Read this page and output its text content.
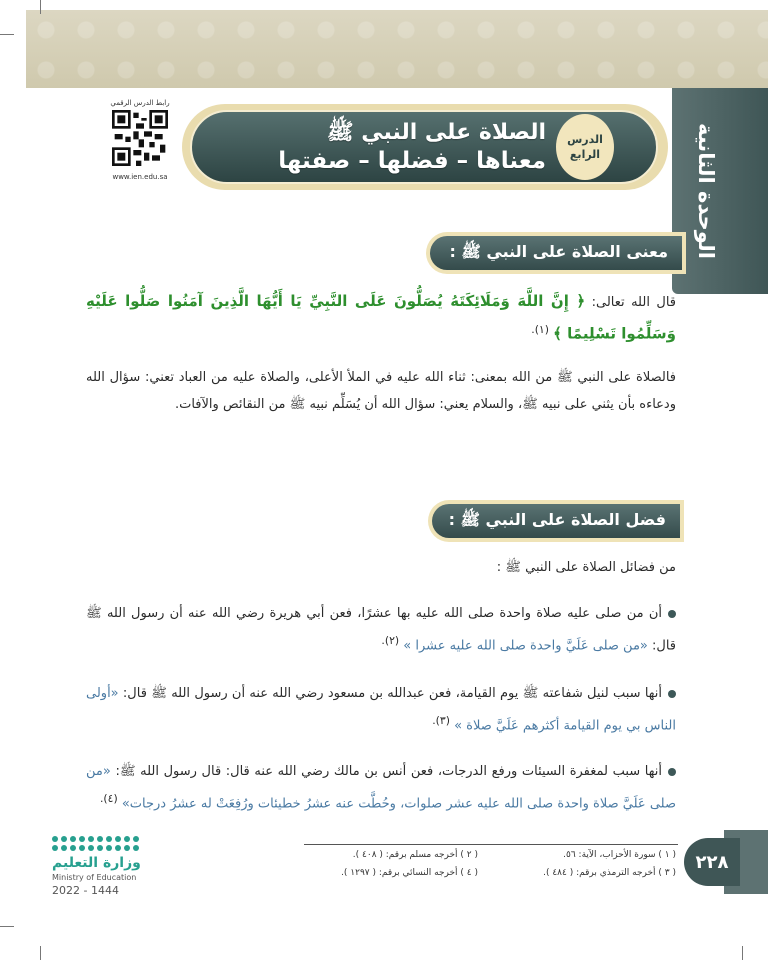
الوحدة الثانية
رابط الدرس الرقمي
www.ien.edu.sa
الدرس
الرابع
الصلاة على النبي ﷺ
معناها – فضلها – صفتها
معنى الصلاة على النبي ﷺ :
قال الله تعالى: ﴿ إِنَّ اللَّهَ وَمَلَائِكَتَهُ يُصَلُّونَ عَلَى النَّبِيِّ يَا أَيُّهَا الَّذِينَ آمَنُوا صَلُّوا عَلَيْهِ وَسَلِّمُوا تَسْلِيمًا ﴾ $^{(١).}$
فالصلاة على النبي ﷺ من الله بمعنى: ثناء الله عليه في الملأ الأعلى، والصلاة عليه من العباد تعني: سؤال الله ودعاءه بأن يثني على نبيه ﷺ، والسلام يعني: سؤال الله أن يُسَلِّم نبيه ﷺ من النقائص والآفات.
فضل الصلاة على النبي ﷺ :
من فضائل الصلاة على النبي ﷺ :
أن من صلى عليه صلاة واحدة صلى الله عليه بها عشرًا، فعن أبي هريرة رضي الله عنه أن رسول الله ﷺ قال: «من صلى عَلَيَّ واحدة صلى الله عليه عشرا » $^{(٢).}$
أنها سبب لنيل شفاعته ﷺ يوم القيامة، فعن عبدالله بن مسعود رضي الله عنه أن رسول الله ﷺ قال: «أولى الناس بي يوم القيامة أكثرهم عَلَيَّ صلاة » $^{(٣).}$
أنها سبب لمغفرة السيئات ورفع الدرجات، فعن أنس بن مالك رضي الله عنه قال: قال رسول الله ﷺ: «من صلى عَلَيَّ صلاة واحدة صلى الله عليه عشر صلوات، وحُطَّت عنه عشرُ خطيئات ورُفِعَتْ له عشرُ درجات» $^{(٤).}$
( ١ ) سورة الأحزاب، الآية: ٥٦.
( ٢ ) أخرجه مسلم برقم: ( ٤٠٨ ).
( ٣ ) أخرجه الترمذي برقم: ( ٤٨٤ ).
( ٤ ) أخرجه النسائي برقم: ( ١٢٩٧ ).
٢٢٨
وزارة التعليم
Ministry of Education
2022 - 1444
